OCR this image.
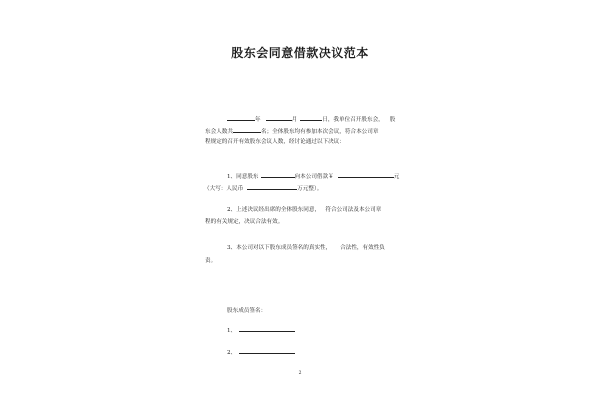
股东会同意借款决议范本
年	月	日，我单位召开股东会， 股
东会人数共	名；全体股东均有参加本次会议，符合本公司章
程规定的召开有效股东会议人数，经讨论通过以下决议：
1、同意股东	向本公司借款￥	元
（大写：人民币	万元整）。
2、上述决议经出席的全体股东同意，   符合公司法及本公司章
程的有关规定，决议合法有效。
3、本公司对以下股东成员签名的真实性，     合法性，有效性负
责。
股东成员签名：
1、
2、
2
